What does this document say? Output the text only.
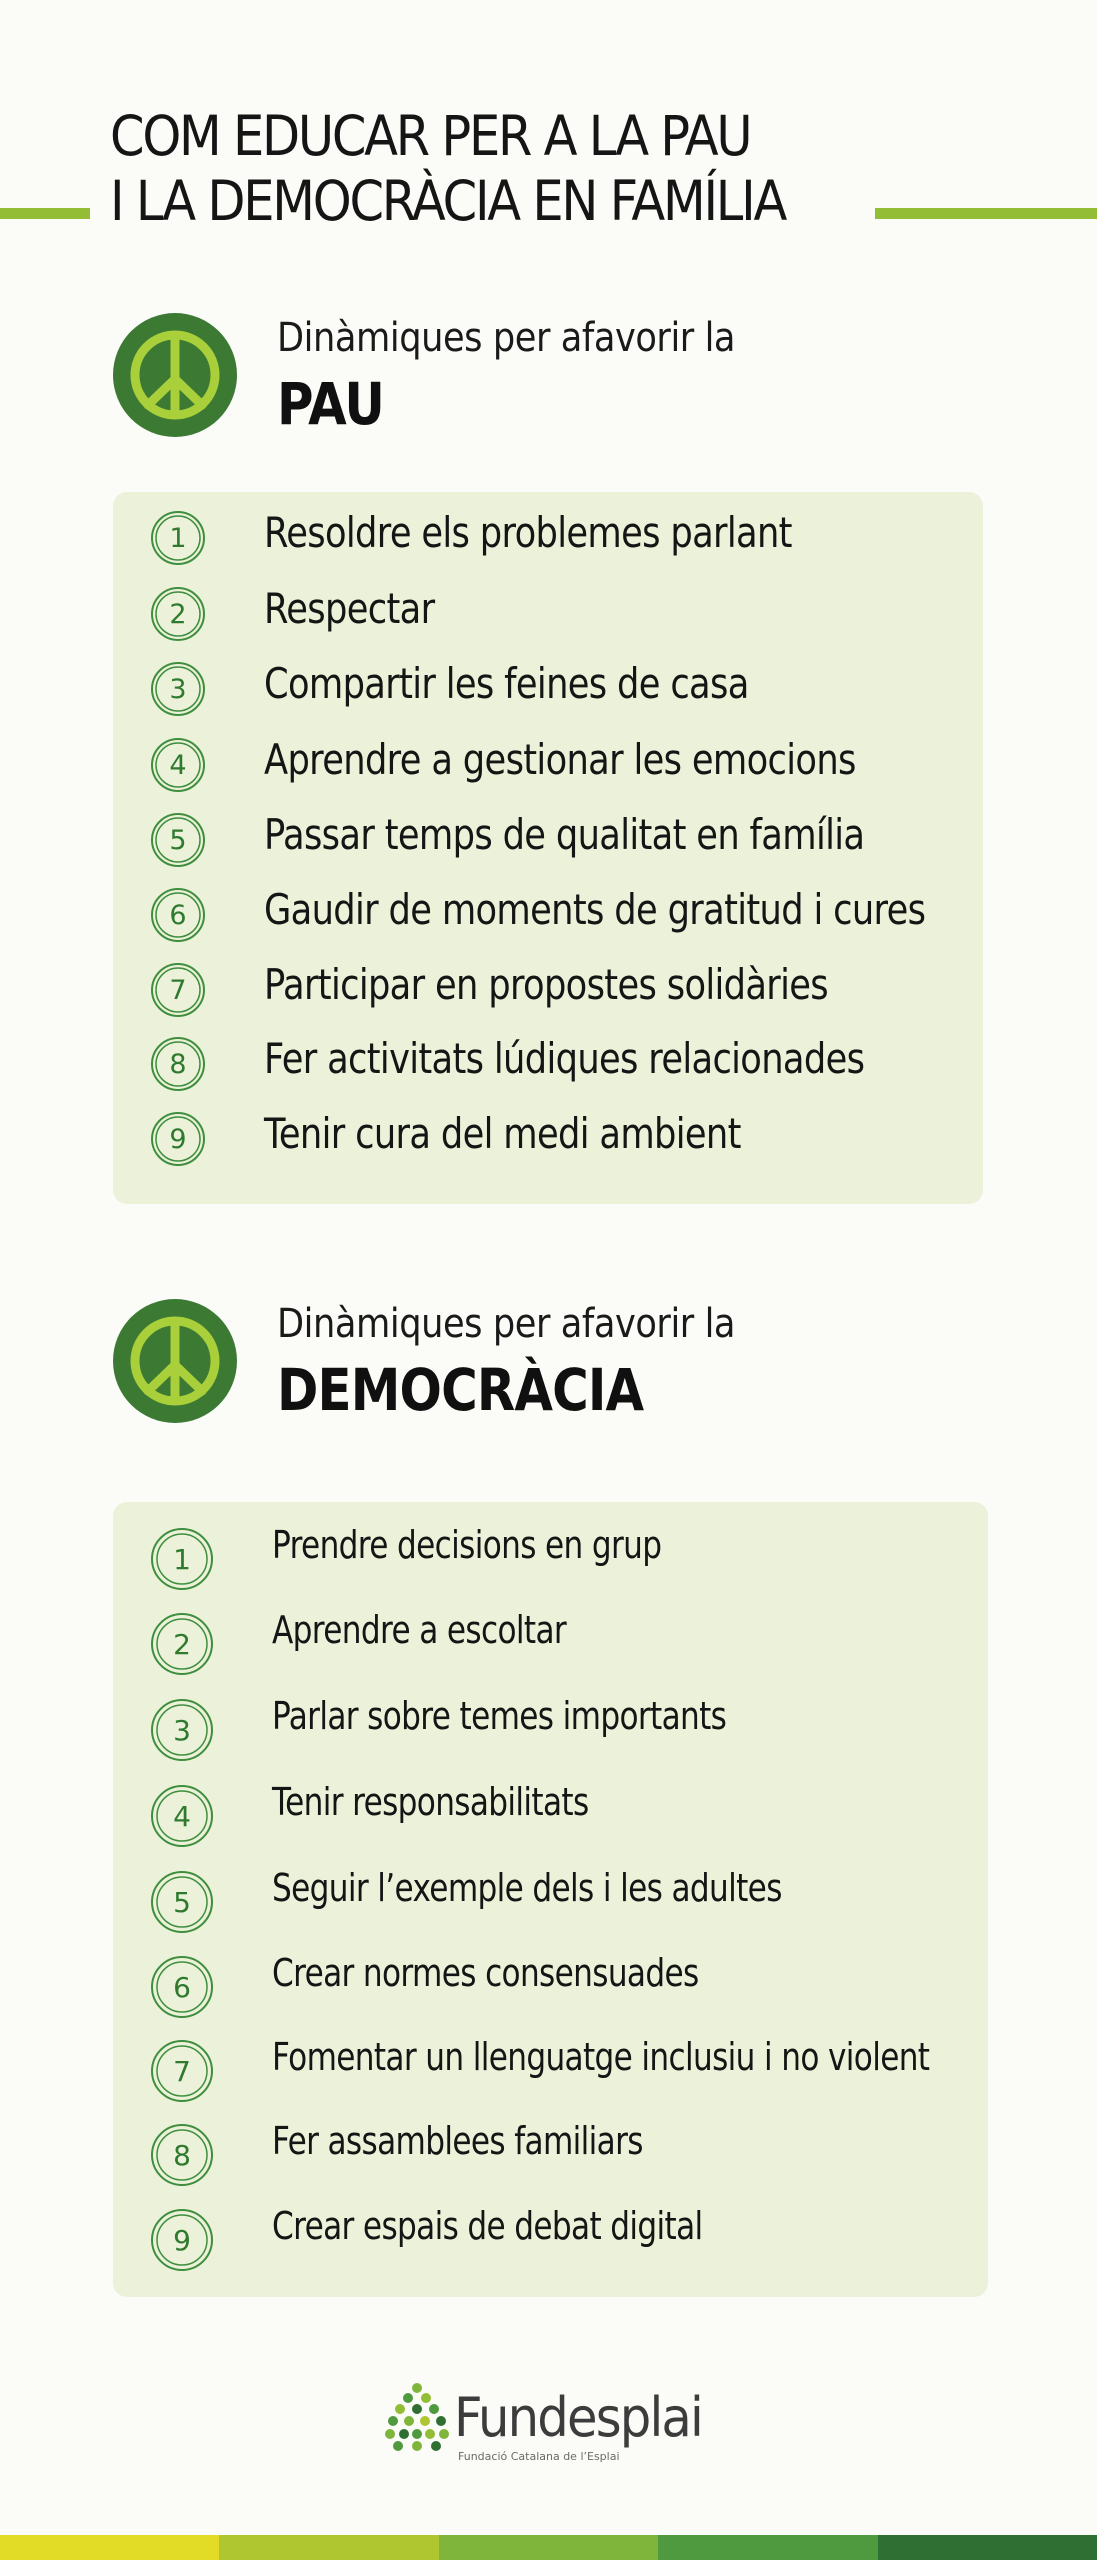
COM EDUCAR PER A LA PAU
I LA DEMOCRÀCIA EN FAMÍLIA

Dinàmiques per afavorir la

PAU

1 Resoldre els problemes parlant
2 Respectar
3 Compartir les feines de casa
4 Aprendre a gestionar les emocions
5 Passar temps de qualitat en família
6 Gaudir de moments de gratitud i cures
7 Participar en propostes solidàries
8 Fer activitats lúdiques relacionades
9 Tenir cura del medi ambient

Dinàmiques per afavorir la

DEMOCRÀCIA

1 Prendre decisions en grup
2 Aprendre a escoltar
3 Parlar sobre temes importants
4 Tenir responsabilitats
5 Seguir l’exemple dels i les adultes
6 Crear normes consensuades
7 Fomentar un llenguatge inclusiu i no violent
8 Fer assamblees familiars
9 Crear espais de debat digital
Fundesplai
Fundació Catalana de l’Esplai
